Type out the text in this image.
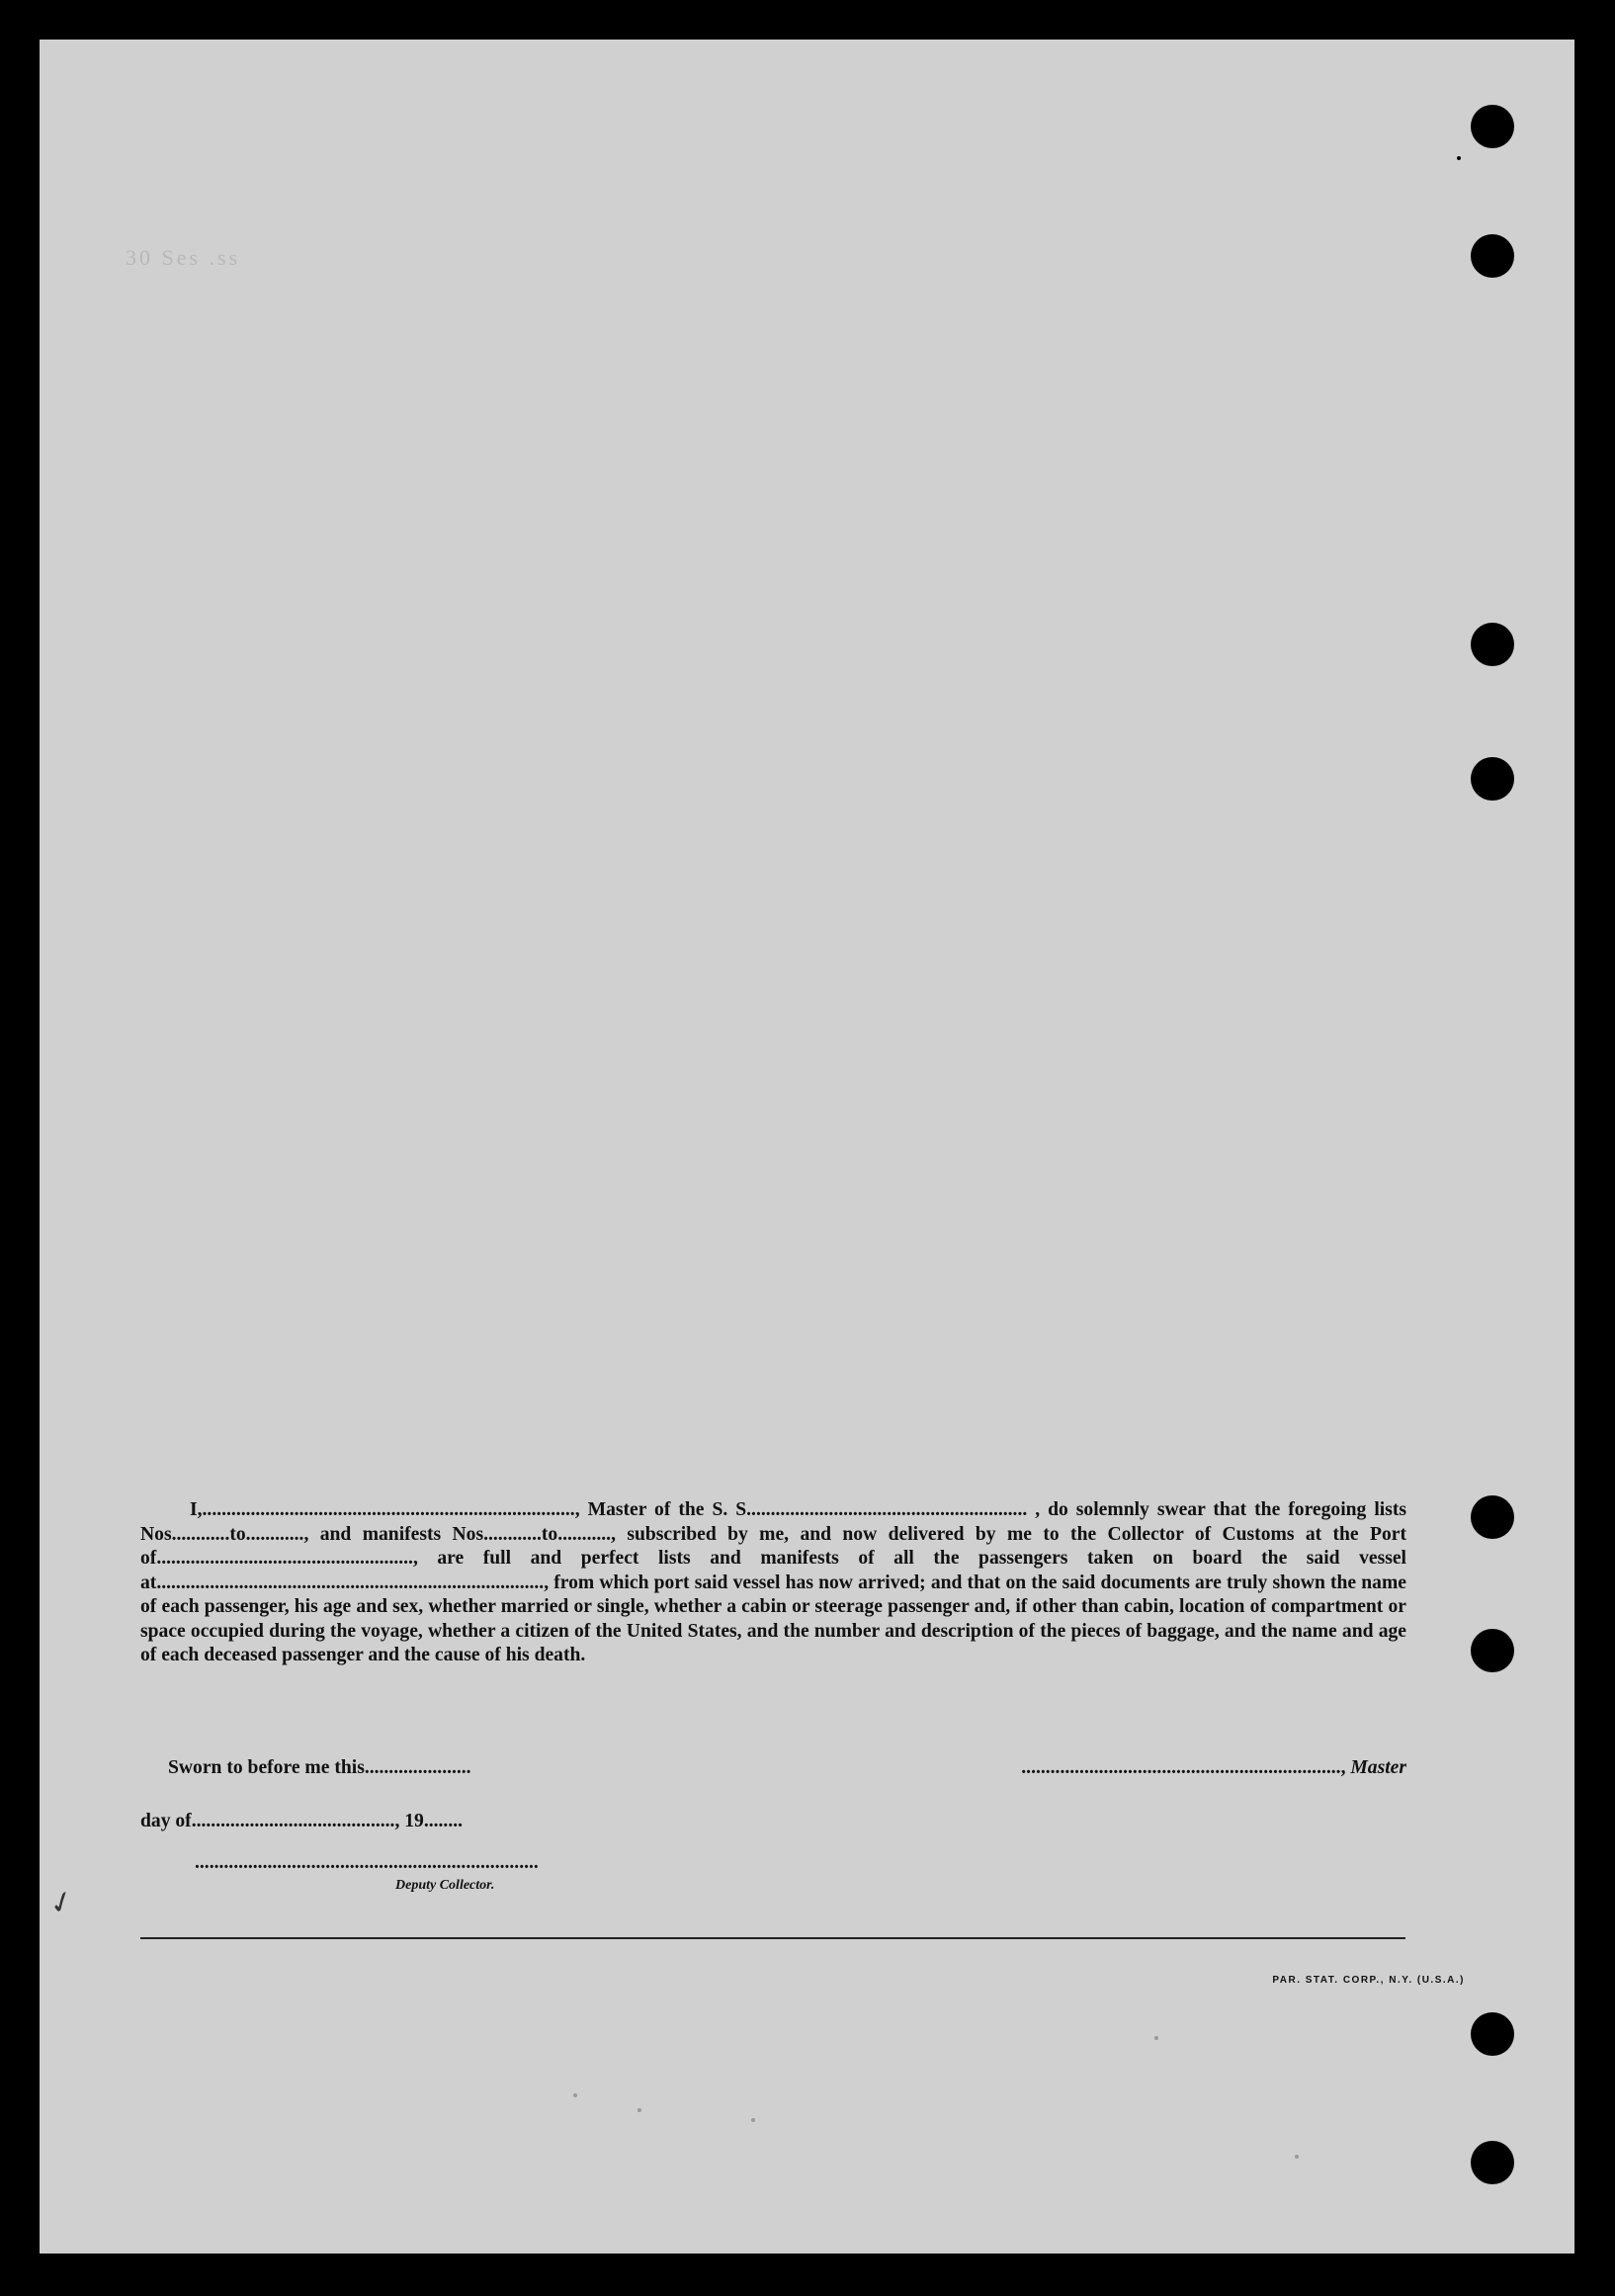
30 Ses .ss

I,............................................................................., Master of the S. S.......................................................... , do solemnly swear that the foregoing lists Nos............to............, and manifests Nos............to..........., subscribed by me, and now delivered by me to the Collector of Customs at the Port of....................................................., are full and perfect lists and manifests of all the passengers taken on board the said vessel at................................................................................, from which port said vessel has now arrived; and that on the said documents are truly shown the name of each passenger, his age and sex, whether married or single, whether a cabin or steerage passenger and, if other than cabin, location of compartment or space occupied during the voyage, whether a citizen of the United States, and the number and description of the pieces of baggage, and the name and age of each deceased passenger and the cause of his death.

Sworn to before me this......................	.................................................................., Master
day of.........................................., 19........
.......................................................................
Deputy Collector.
PAR. STAT. CORP., N.Y. (U.S.A.)
✓
